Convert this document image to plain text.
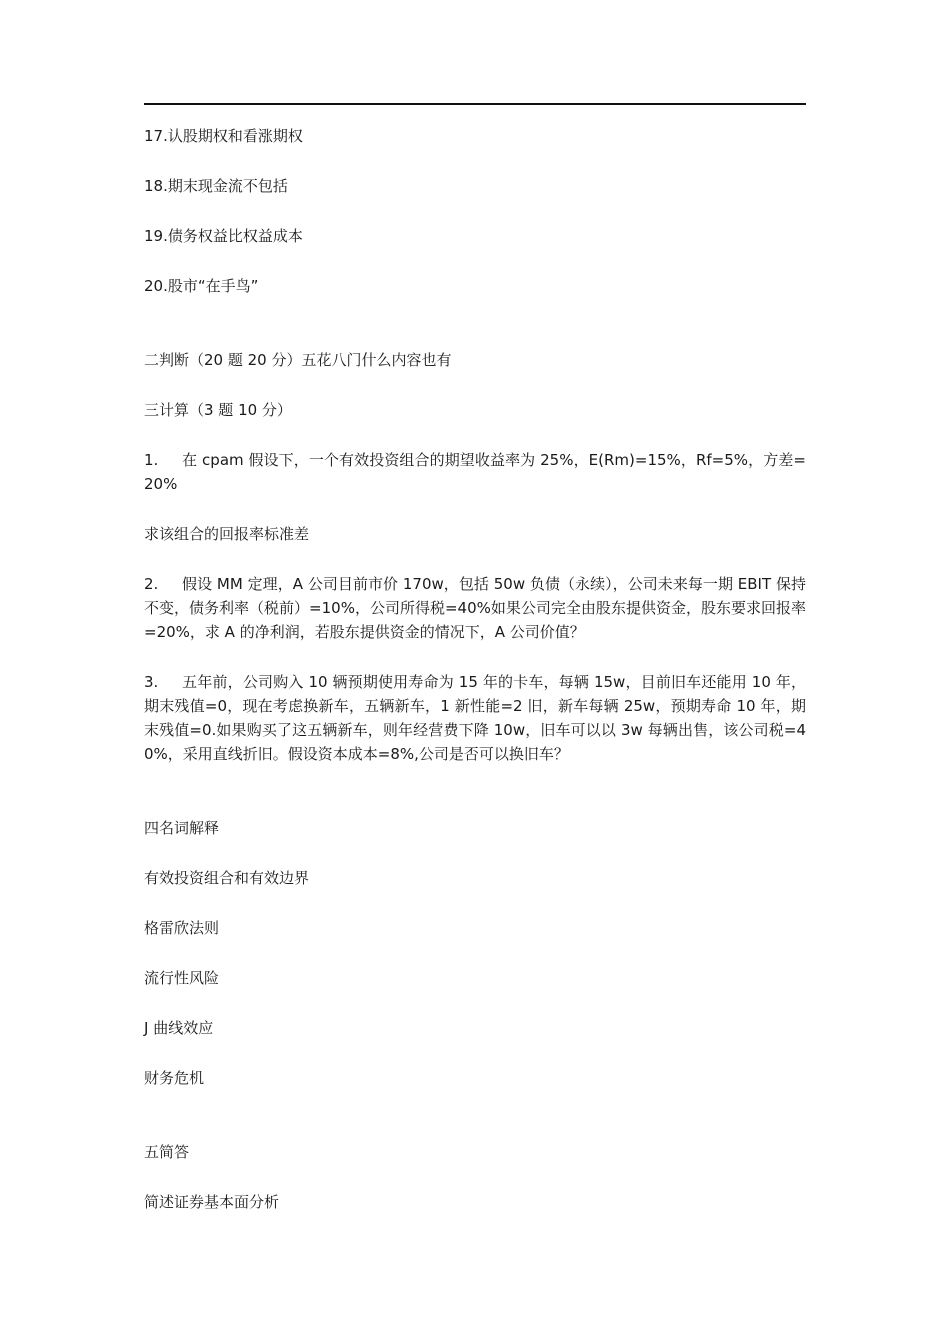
17.认股期权和看涨期权

18.期末现金流不包括

19.债务权益比权益成本

20.股市“在手鸟”

二判断（20 题 20 分）五花八门什么内容也有

三计算（3 题 10 分）

1. 在 cpam 假设下，一个有效投资组合的期望收益率为 25%，E(Rm)=15%，Rf=5%，方差=20%

求该组合的回报率标准差

2. 假设 MM 定理，A 公司目前市价 170w，包括 50w 负债（永续），公司未来每一期 EBIT 保持不变，债务利率（税前）=10%，公司所得税=40%如果公司完全由股东提供资金，股东要求回报率=20%，求 A 的净利润，若股东提供资金的情况下，A 公司价值？

3. 五年前，公司购入 10 辆预期使用寿命为 15 年的卡车，每辆 15w，目前旧车还能用 10 年，期末残值=0，现在考虑换新车，五辆新车，1 新性能=2 旧，新车每辆 25w，预期寿命 10 年，期末残值=0.如果购买了这五辆新车，则年经营费下降 10w，旧车可以以 3w 每辆出售，该公司税=40%，采用直线折旧。假设资本成本=8%,公司是否可以换旧车？

四名词解释

有效投资组合和有效边界

格雷欣法则

流行性风险

J 曲线效应

财务危机

五简答

简述证券基本面分析
